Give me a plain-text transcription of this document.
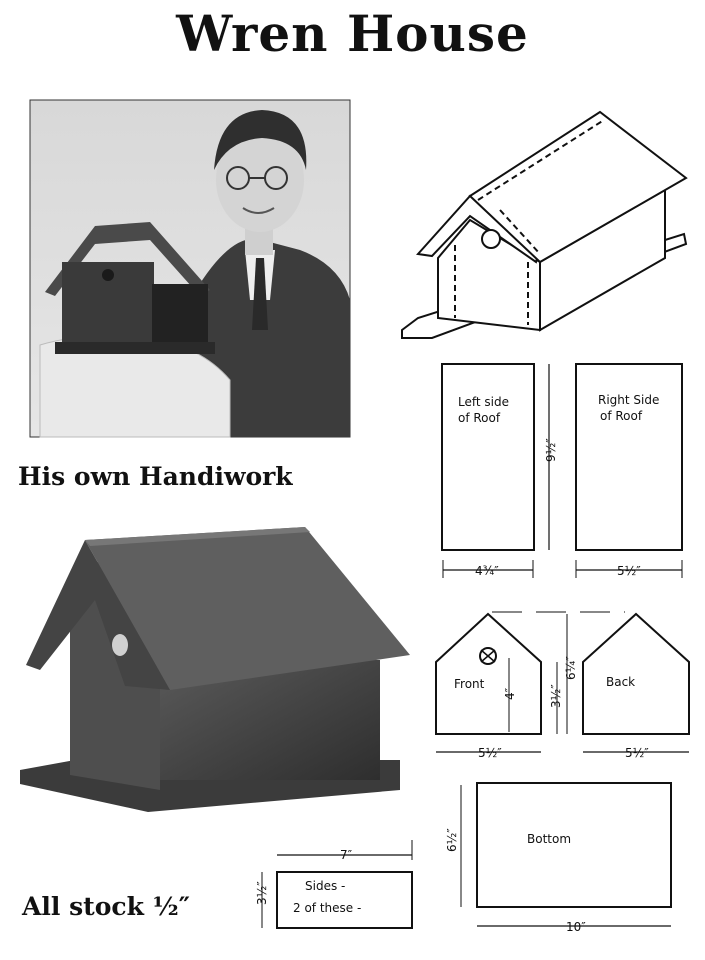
Wren House
Left side
of Roof
Right Side
of Roof
Front	Back
Bottom
Sides -
2 of these -
9½″
4¾″	5½″
6¼″
3½″
4″
5½″	5½″
6½″
10″
7″
3½″
His own Handiwork
All stock ½″
